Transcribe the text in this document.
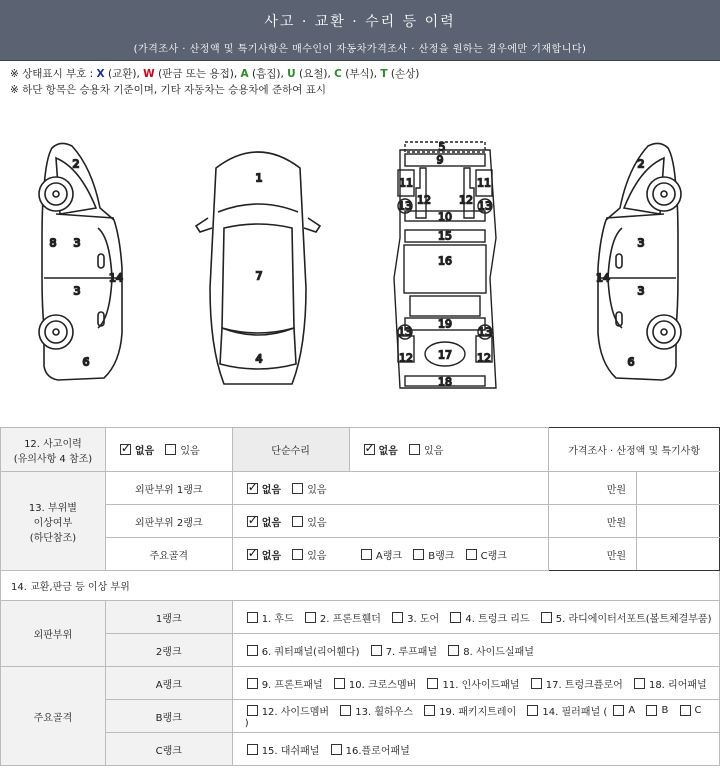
사고 · 교환 · 수리 등 이력
(가격조사 · 산정액 및 특기사항은 매수인이 자동차가격조사 · 산정을 원하는 경우에만 기재합니다)
※ 상태표시 부호 : X (교환), W (판금 또는 용접), A (흠집), U (요철), C (부식), T (손상)
※ 하단 항목은 승용차 기준이며, 기타 자동차는 승용차에 준하여 표시
2
8 3
3
14
6
1
7
4
5
9
11	11
12	12
13	13
10
15
16
19
13	13
12	12
17
18
2
3
3
14
6
12. 사고이력
(유의사항 4 참조)
	✓없음 있음	단순수리	✓없음 있음	가격조사 · 산정액 및 특기사항	

13. 부위별
이상여부
(하단참조)	외판부위 1랭크	✓없음 있음		만원	
	외판부위 2랭크	✓없음 있음		만원	
	주요골격	✓없음 있음 A랭크 B랭크 C랭크		만원	
14. 교환,판금 등 이상 부위					
외판부위	1랭크	1. 후드 2. 프론트휀더 3. 도어 4. 트렁크 리드 5. 라디에이터서포트(볼트체결부품)			
	2랭크	6. 쿼터패널(리어휀다) 7. 루프패널 8. 사이드실패널			
주요골격	A랭크	9. 프론트패널 10. 크로스멤버 11. 인사이드패널 17. 트렁크플로어 18. 리어패널			
	B랭크	12. 사이드멤버 13. 휠하우스 19. 패키지트레이 14. 필러패널 ( A B C )			
	C랭크	15. 대쉬패널 16.플로어패널			
